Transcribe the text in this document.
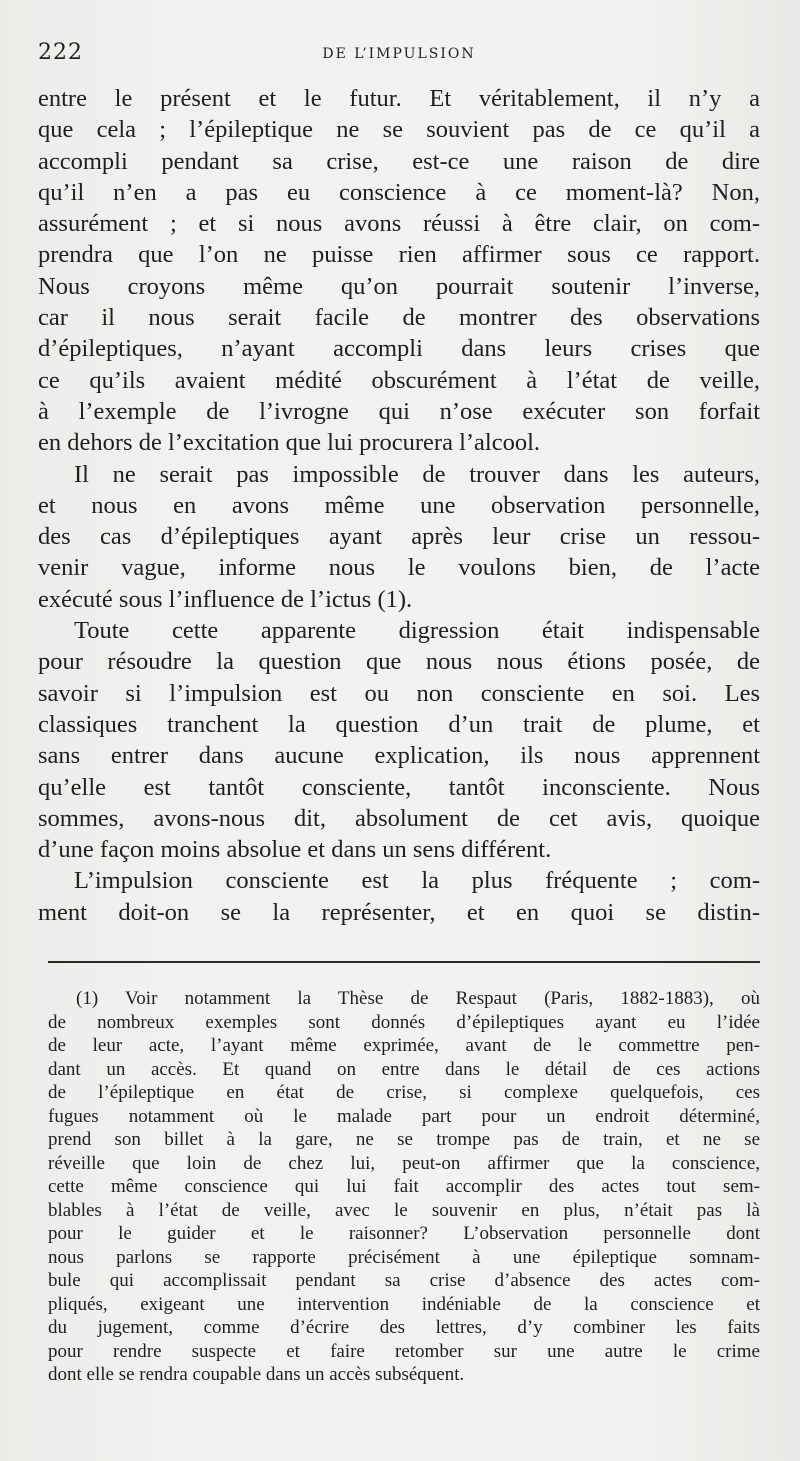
222	DE L’IMPULSION
entre le présent et le futur. Et véritablement, il n’y a
que cela ; l’épileptique ne se souvient pas de ce qu’il a
accompli pendant sa crise, est-ce une raison de dire
qu’il n’en a pas eu conscience à ce moment-là? Non,
assurément ; et si nous avons réussi à être clair, on com-
prendra que l’on ne puisse rien affirmer sous ce rapport.
Nous croyons même qu’on pourrait soutenir l’inverse,
car il nous serait facile de montrer des observations
d’épileptiques, n’ayant accompli dans leurs crises que
ce qu’ils avaient médité obscurément à l’état de veille,
à l’exemple de l’ivrogne qui n’ose exécuter son forfait
en dehors de l’excitation que lui procurera l’alcool.
Il ne serait pas impossible de trouver dans les auteurs,
et nous en avons même une observation personnelle,
des cas d’épileptiques ayant après leur crise un ressou-
venir vague, informe nous le voulons bien, de l’acte
exécuté sous l’influence de l’ictus (1).
Toute cette apparente digression était indispensable
pour résoudre la question que nous nous étions posée, de
savoir si l’impulsion est ou non consciente en soi. Les
classiques tranchent la question d’un trait de plume, et
sans entrer dans aucune explication, ils nous apprennent
qu’elle est tantôt consciente, tantôt inconsciente. Nous
sommes, avons-nous dit, absolument de cet avis, quoique
d’une façon moins absolue et dans un sens différent.
L’impulsion consciente est la plus fréquente ; com-
ment doit-on se la représenter, et en quoi se distin-
(1) Voir notamment la Thèse de Respaut (Paris, 1882-1883), où
de nombreux exemples sont donnés d’épileptiques ayant eu l’idée
de leur acte, l’ayant même exprimée, avant de le commettre pen-
dant un accès. Et quand on entre dans le détail de ces actions
de l’épileptique en état de crise, si complexe quelquefois, ces
fugues notamment où le malade part pour un endroit déterminé,
prend son billet à la gare, ne se trompe pas de train, et ne se
réveille que loin de chez lui, peut-on affirmer que la conscience,
cette même conscience qui lui fait accomplir des actes tout sem-
blables à l’état de veille, avec le souvenir en plus, n’était pas là
pour le guider et le raisonner? L’observation personnelle dont
nous parlons se rapporte précisément à une épileptique somnam-
bule qui accomplissait pendant sa crise d’absence des actes com-
pliqués, exigeant une intervention indéniable de la conscience et
du jugement, comme d’écrire des lettres, d’y combiner les faits
pour rendre suspecte et faire retomber sur une autre le crime
dont elle se rendra coupable dans un accès subséquent.
